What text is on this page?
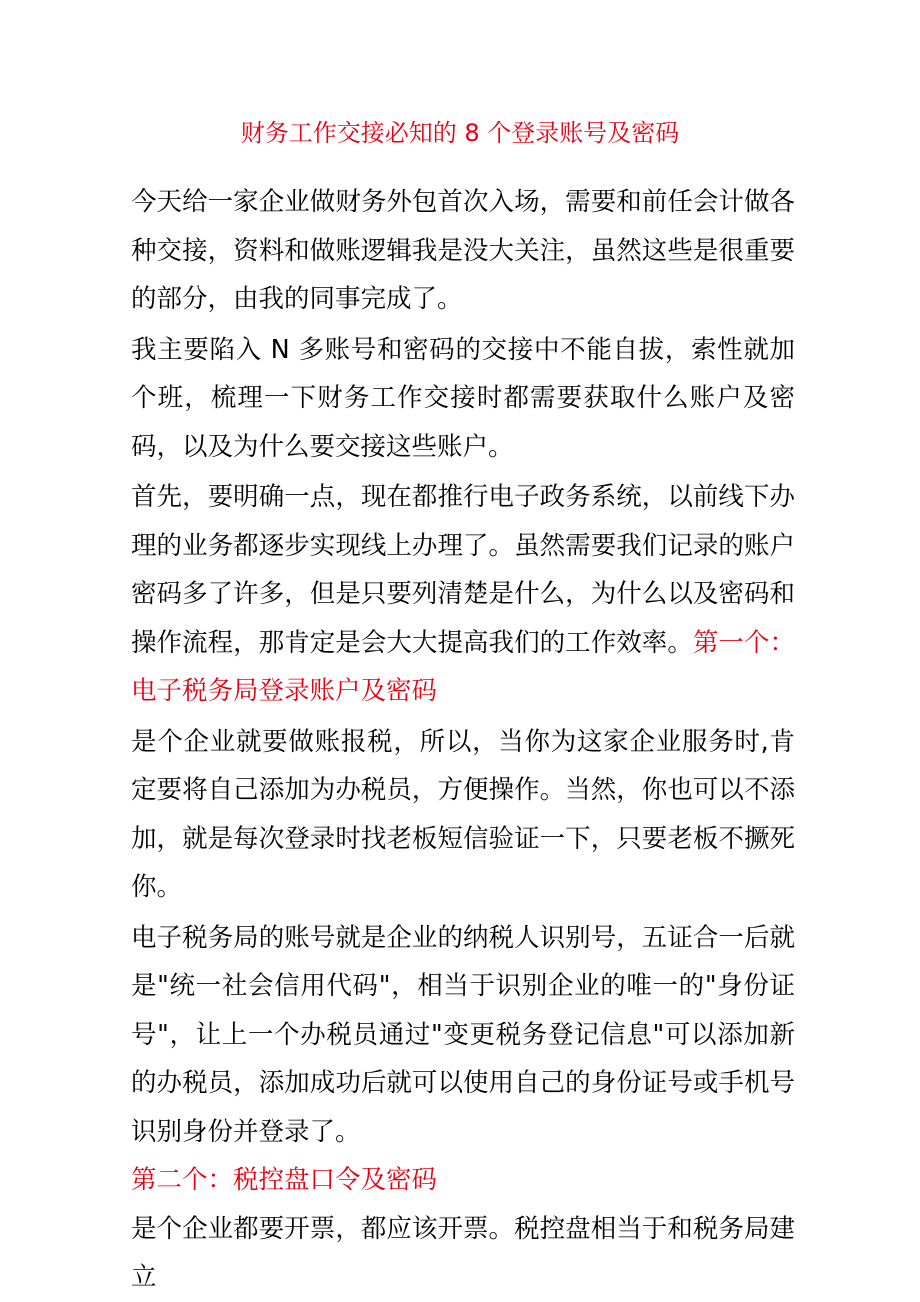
财务工作交接必知的 8 个登录账号及密码

今天给一家企业做财务外包首次入场，需要和前任会计做各种交接，资料和做账逻辑我是没大关注，虽然这些是很重要的部分，由我的同事完成了。

我主要陷入 N 多账号和密码的交接中不能自拔，索性就加个班，梳理一下财务工作交接时都需要获取什么账户及密码，以及为什么要交接这些账户。

首先，要明确一点，现在都推行电子政务系统，以前线下办理的业务都逐步实现线上办理了。虽然需要我们记录的账户密码多了许多，但是只要列清楚是什么，为什么以及密码和操作流程，那肯定是会大大提高我们的工作效率。第一个：电子税务局登录账户及密码

是个企业就要做账报税，所以，当你为这家企业服务时,肯定要将自己添加为办税员，方便操作。当然，你也可以不添加，就是每次登录时找老板短信验证一下，只要老板不撅死你。

电子税务局的账号就是企业的纳税人识别号，五证合一后就是"统一社会信用代码"，相当于识别企业的唯一的"身份证号"，让上一个办税员通过"变更税务登记信息"可以添加新的办税员，添加成功后就可以使用自己的身份证号或手机号识别身份并登录了。

第二个：税控盘口令及密码

是个企业都要开票，都应该开票。税控盘相当于和税务局建立
